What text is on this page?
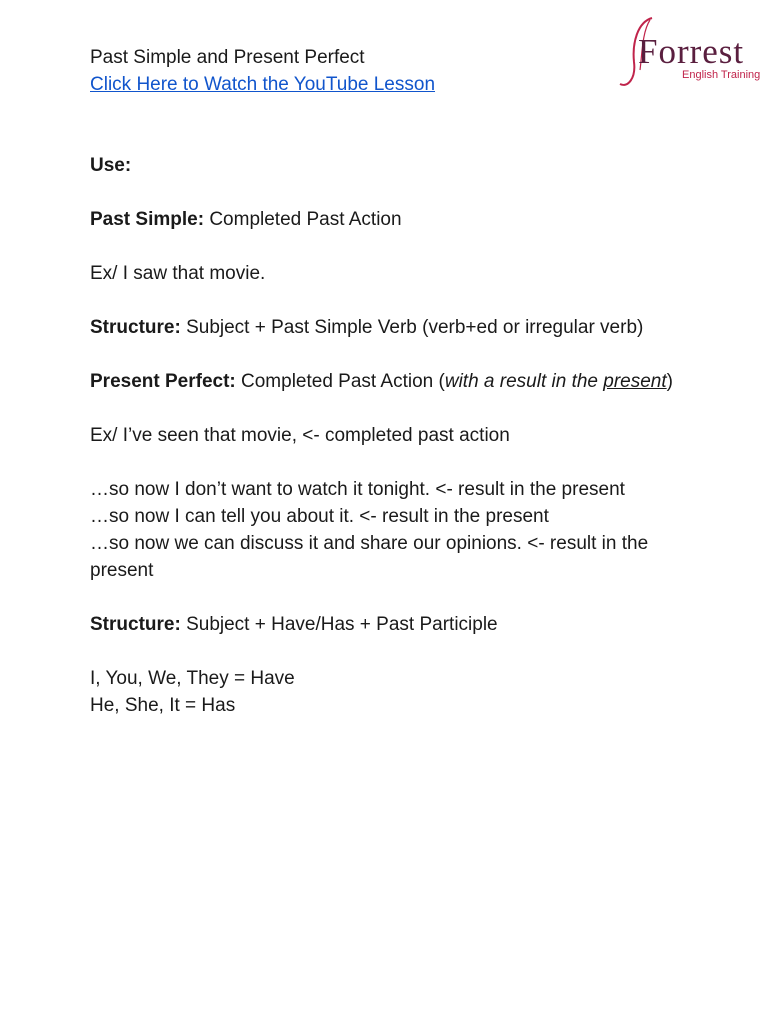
Forrest
English Training

Past Simple and Present Perfect

Click Here to Watch the YouTube Lesson

Use:

Past Simple: Completed Past Action

Ex/ I saw that movie.

Structure: Subject + Past Simple Verb (verb+ed or irregular verb)

Present Perfect: Completed Past Action (with a result in the present)

Ex/ I’ve seen that movie, <- completed past action

…so now I don’t want to watch it tonight. <- result in the present

…so now I can tell you about it. <- result in the present

…so now we can discuss it and share our opinions. <- result in the present

Structure: Subject + Have/Has + Past Participle

I, You, We, They = Have

He, She, It = Has
